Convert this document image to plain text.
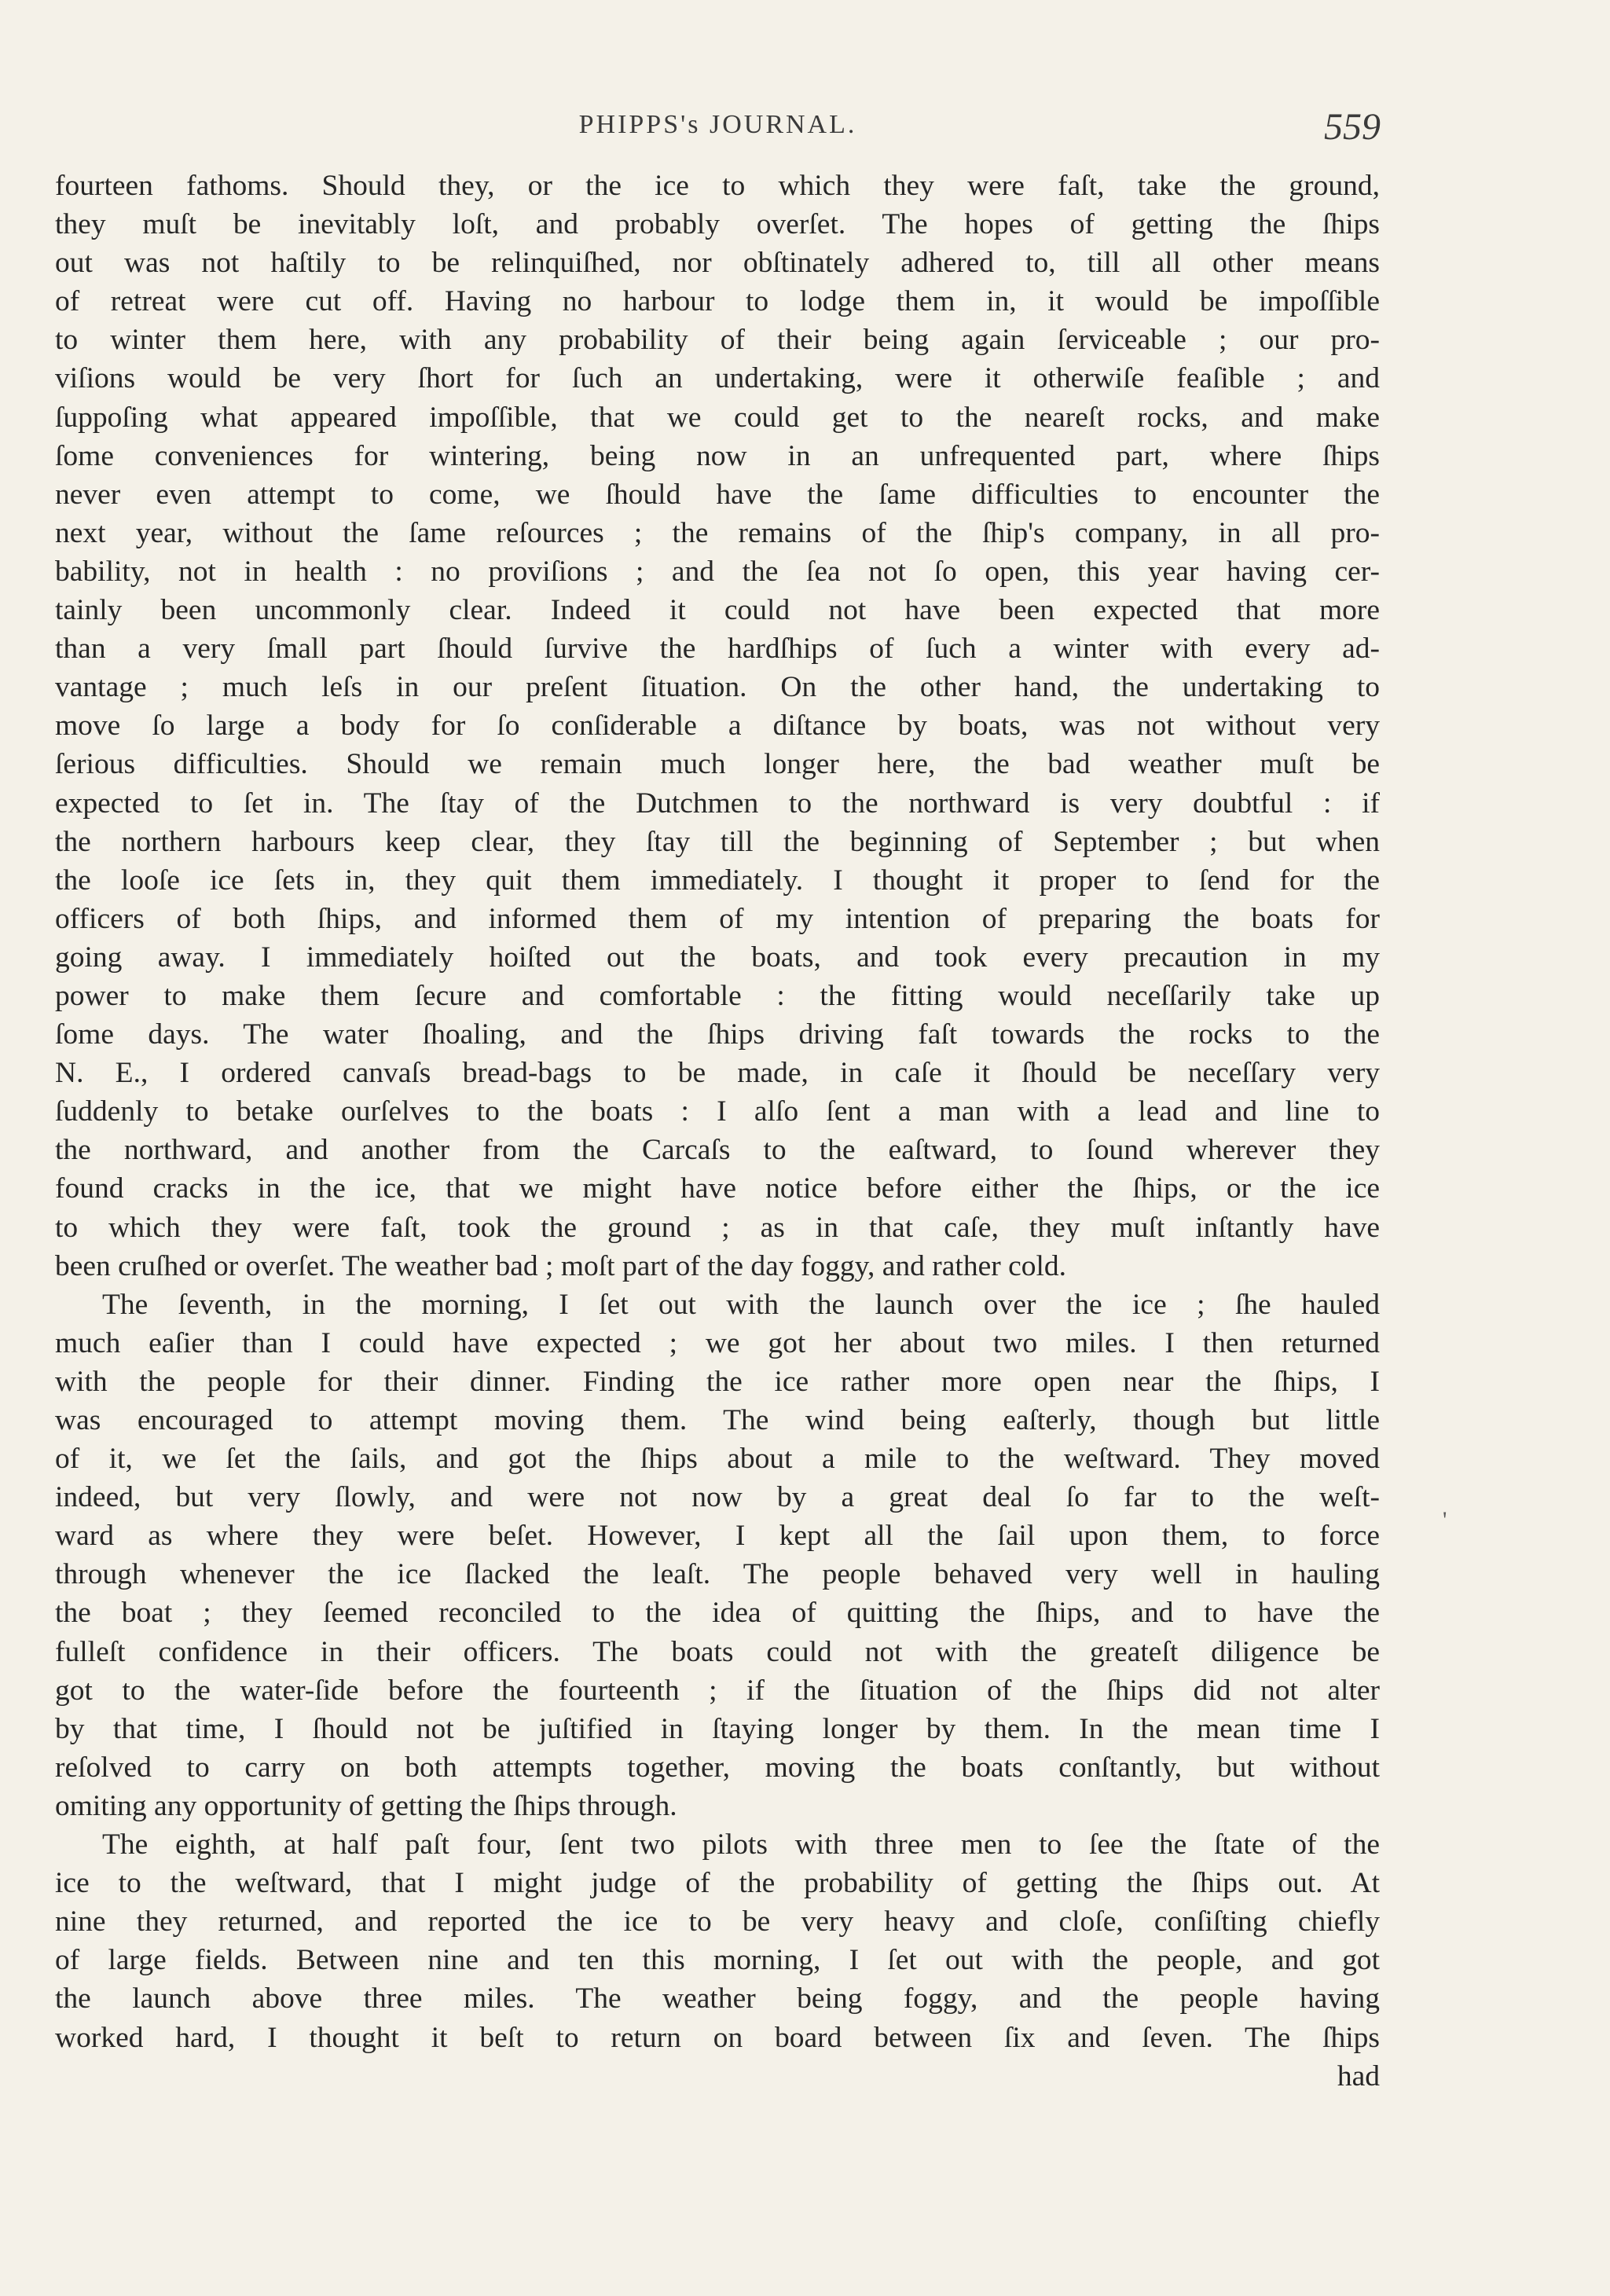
PHIPPS's JOURNAL.	559
fourteen fathoms. Should they, or the ice to which they were faſt, take the ground,
they muſt be inevitably loſt, and probably overſet. The hopes of getting the ſhips
out was not haſtily to be relinquiſhed, nor obſtinately adhered to, till all other means
of retreat were cut off. Having no harbour to lodge them in, it would be impoſſible
to winter them here, with any probability of their being again ſerviceable ; our pro-
viſions would be very ſhort for ſuch an undertaking, were it otherwiſe feaſible ; and
ſuppoſing what appeared impoſſible, that we could get to the neareſt rocks, and make
ſome conveniences for wintering, being now in an unfrequented part, where ſhips
never even attempt to come, we ſhould have the ſame difficulties to encounter the
next year, without the ſame reſources ; the remains of the ſhip's company, in all pro-
bability, not in health : no proviſions ; and the ſea not ſo open, this year having cer-
tainly been uncommonly clear. Indeed it could not have been expected that more
than a very ſmall part ſhould ſurvive the hardſhips of ſuch a winter with every ad-
vantage ; much leſs in our preſent ſituation. On the other hand, the undertaking to
move ſo large a body for ſo conſiderable a diſtance by boats, was not without very
ſerious difficulties. Should we remain much longer here, the bad weather muſt be
expected to ſet in. The ſtay of the Dutchmen to the northward is very doubtful : if
the northern harbours keep clear, they ſtay till the beginning of September ; but when
the looſe ice ſets in, they quit them immediately. I thought it proper to ſend for the
officers of both ſhips, and informed them of my intention of preparing the boats for
going away. I immediately hoiſted out the boats, and took every precaution in my
power to make them ſecure and comfortable : the fitting would neceſſarily take up
ſome days. The water ſhoaling, and the ſhips driving faſt towards the rocks to the
N. E., I ordered canvaſs bread-bags to be made, in caſe it ſhould be neceſſary very
ſuddenly to betake ourſelves to the boats : I alſo ſent a man with a lead and line to
the northward, and another from the Carcaſs to the eaſtward, to ſound wherever they
found cracks in the ice, that we might have notice before either the ſhips, or the ice
to which they were faſt, took the ground ; as in that caſe, they muſt inſtantly have
been cruſhed or overſet. The weather bad ; moſt part of the day foggy, and rather cold.
The ſeventh, in the morning, I ſet out with the launch over the ice ; ſhe hauled
much eaſier than I could have expected ; we got her about two miles. I then returned
with the people for their dinner. Finding the ice rather more open near the ſhips, I
was encouraged to attempt moving them. The wind being eaſterly, though but little
of it, we ſet the ſails, and got the ſhips about a mile to the weſtward. They moved
indeed, but very ſlowly, and were not now by a great deal ſo far to the weſt-
ward as where they were beſet. However, I kept all the ſail upon them, to force
through whenever the ice ſlacked the leaſt. The people behaved very well in hauling
the boat ; they ſeemed reconciled to the idea of quitting the ſhips, and to have the
fulleſt confidence in their officers. The boats could not with the greateſt diligence be
got to the water-ſide before the fourteenth ; if the ſituation of the ſhips did not alter
by that time, I ſhould not be juſtified in ſtaying longer by them. In the mean time I
reſolved to carry on both attempts together, moving the boats conſtantly, but without
omiting any opportunity of getting the ſhips through.
The eighth, at half paſt four, ſent two pilots with three men to ſee the ſtate of the
ice to the weſtward, that I might judge of the probability of getting the ſhips out. At
nine they returned, and reported the ice to be very heavy and cloſe, conſiſting chiefly
of large fields. Between nine and ten this morning, I ſet out with the people, and got
the launch above three miles. The weather being foggy, and the people having
worked hard, I thought it beſt to return on board between ſix and ſeven. The ſhips
had
'
